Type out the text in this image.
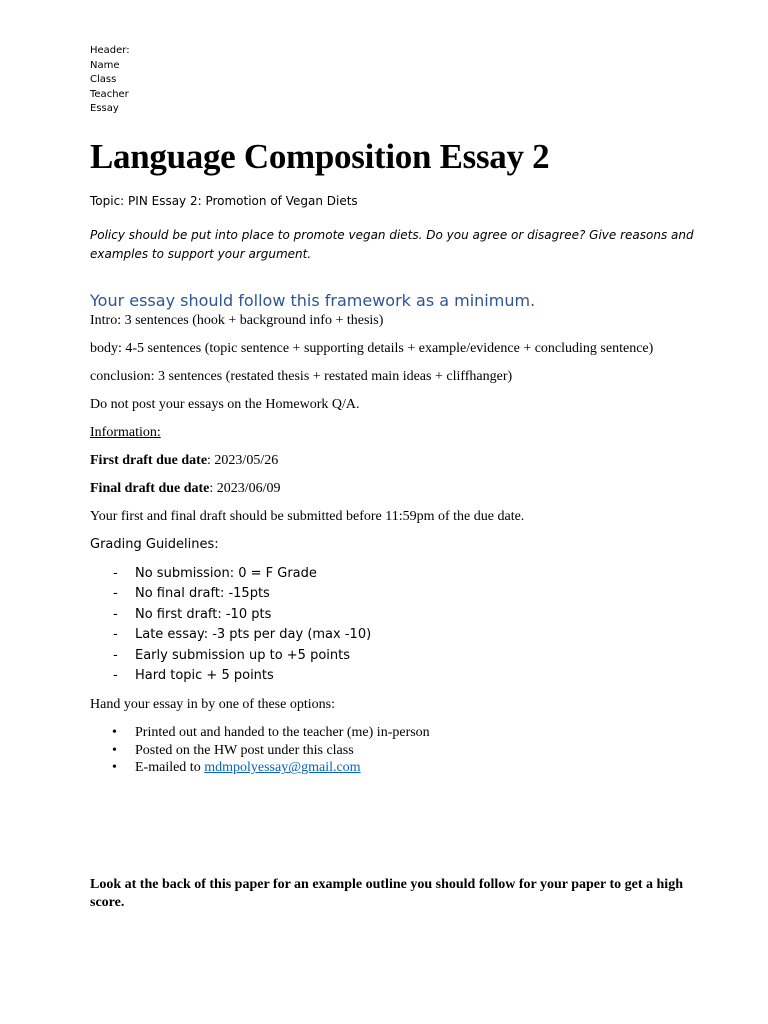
Header:
Name
Class
Teacher
Essay
Language Composition Essay 2
Topic: PIN Essay 2: Promotion of Vegan Diets
Policy should be put into place to promote vegan diets. Do you agree or disagree? Give reasons and examples to support your argument.
Your essay should follow this framework as a minimum.
Intro: 3 sentences (hook + background info + thesis)
body: 4-5 sentences (topic sentence + supporting details + example/evidence + concluding sentence)
conclusion: 3 sentences (restated thesis + restated main ideas + cliffhanger)
Do not post your essays on the Homework Q/A.
Information:
First draft due date: 2023/05/26
Final draft due date: 2023/06/09
Your first and final draft should be submitted before 11:59pm of the due date.
Grading Guidelines:
- No submission: 0 = F Grade
- No final draft: -15pts
- No first draft: -10 pts
- Late essay: -3 pts per day (max -10)
- Early submission up to +5 points
- Hard topic + 5 points
Hand your essay in by one of these options:
• Printed out and handed to the teacher (me) in-person
• Posted on the HW post under this class
• E-mailed to mdmpolyessay@gmail.com
Look at the back of this paper for an example outline you should follow for your paper to get a high score.
